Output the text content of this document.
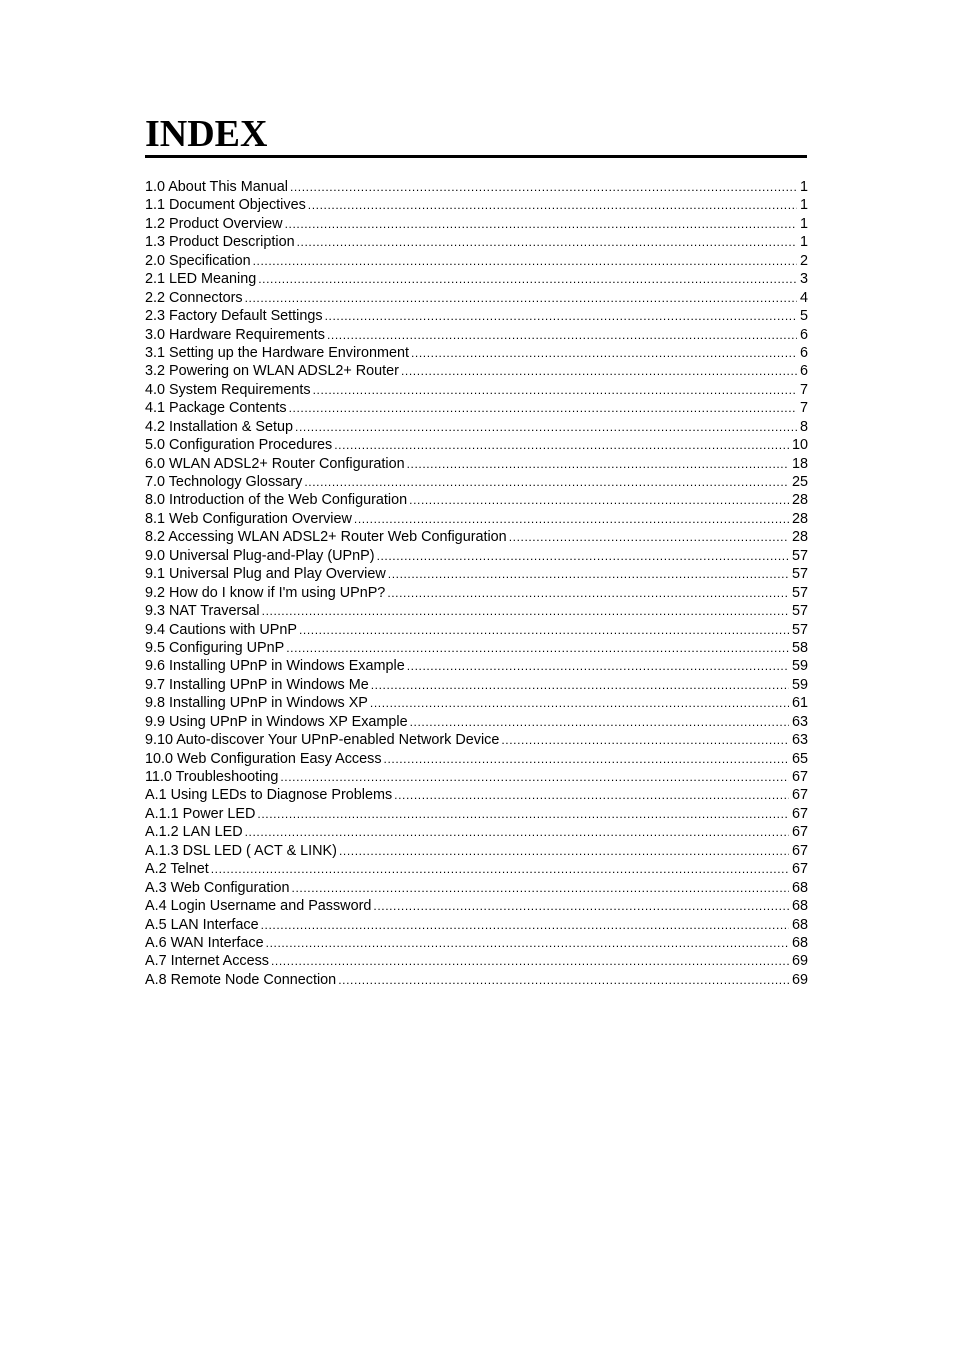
INDEX
1.0 About This Manual .....	1
1.1 Document Objectives .....	1
1.2 Product Overview .....	1
1.3 Product Description .....	1
2.0 Specification .....	2
2.1 LED Meaning .....	3
2.2 Connectors .....	4
2.3 Factory Default Settings .....	5
3.0 Hardware Requirements .....	6
3.1 Setting up the Hardware Environment .....	6
3.2 Powering on WLAN ADSL2+ Router .....	6
4.0 System Requirements .....	7
4.1 Package Contents .....	7
4.2 Installation & Setup .....	8
5.0 Configuration Procedures .....	10
6.0 WLAN ADSL2+ Router Configuration .....	18
7.0 Technology Glossary .....	25
8.0 Introduction of the Web Configuration .....	28
8.1 Web Configuration Overview .....	28
8.2 Accessing WLAN ADSL2+ Router Web Configuration .....	28
9.0 Universal Plug-and-Play (UPnP) .....	57
9.1 Universal Plug and Play Overview .....	57
9.2 How do I know if I'm using UPnP? .....	57
9.3 NAT Traversal .....	57
9.4 Cautions with UPnP .....	57
9.5 Configuring UPnP .....	58
9.6 Installing UPnP in Windows Example .....	59
9.7 Installing UPnP in Windows Me .....	59
9.8 Installing UPnP in Windows XP .....	61
9.9 Using UPnP in Windows XP Example .....	63
9.10 Auto-discover Your UPnP-enabled Network Device .....	63
10.0 Web Configuration Easy Access .....	65
11.0 Troubleshooting .....	67
A.1 Using LEDs to Diagnose Problems .....	67
A.1.1 Power LED .....	67
A.1.2 LAN LED .....	67
A.1.3 DSL LED ( ACT & LINK) .....	67
A.2 Telnet .....	67
A.3 Web Configuration .....	68
A.4 Login Username and Password .....	68
A.5 LAN Interface .....	68
A.6 WAN Interface .....	68
A.7 Internet Access .....	69
A.8 Remote Node Connection .....	69
